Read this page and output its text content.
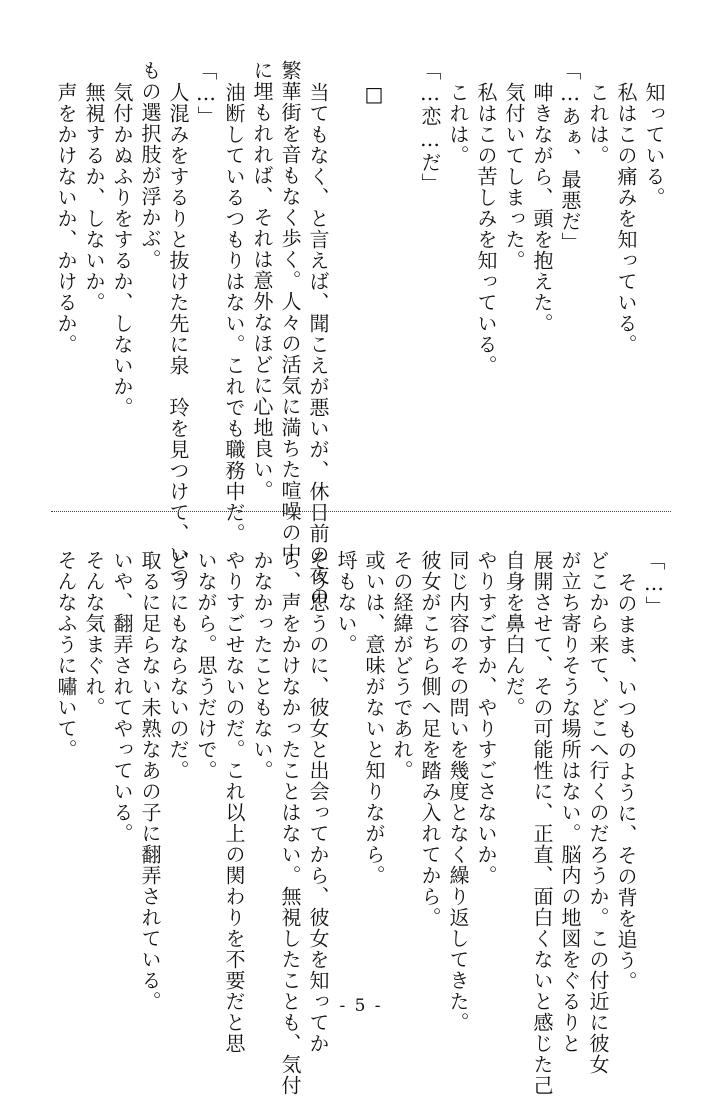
知っている。

私はこの痛みを知っている。

これは。

「…あぁ、最悪だ」

呻きながら、頭を抱えた。

気付いてしまった。

私はこの苦しみを知っている。

これは。

「…恋…だ」

□

当てもなく、と言えば、聞こえが悪いが、休日前の夜の

繁華街を音もなく歩く。人々の活気に満ちた喧噪の中

に埋もれれば、それは意外なほどに心地良い。

油断しているつもりはない。これでも職務中だ。

「…」

人混みをするりと抜けた先に泉　玲を見つけて、いつ

もの選択肢が浮かぶ。

気付かぬふりをするか、しないか。

無視するか、しないか。

声をかけないか、かけるか。

「…」

そのまま、いつものように、その背を追う。

どこから来て、どこへ行くのだろうか。この付近に彼女

が立ち寄りそうな場所はない。脳内の地図をぐるりと

展開させて、その可能性に、正直、面白くないと感じた己

自身を鼻白んだ。

やりすごすか、やりすごさないか。

同じ内容のその問いを幾度となく繰り返してきた。

彼女がこちら側へ足を踏み入れてから。

その経緯がどうであれ。

或いは、意味がないと知りながら。

埒もない。

そう思うのに、彼女と出会ってから、彼女を知ってか

ら、声をかけなかったことはない。無視したことも、気付

かなかったこともない。

やりすごせないのだ。これ以上の関わりを不要だと思

いながら。思うだけで。

どうにもならないのだ。

取るに足らない未熟なあの子に翻弄されている。

いや、翻弄されてやっている。

そんな気まぐれ。

そんなふうに嘯いて。

- 5 -
